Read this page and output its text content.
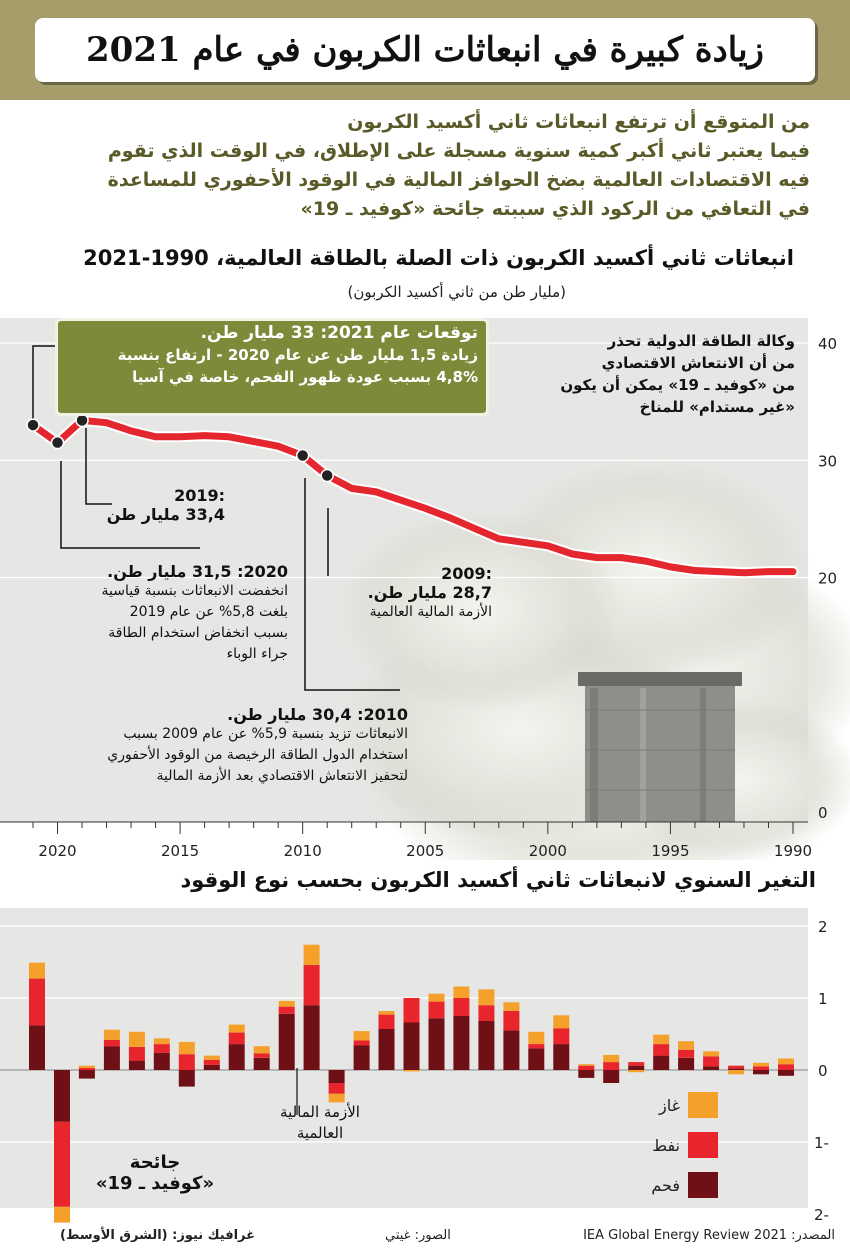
زيادة كبيرة في انبعاثات الكربون في عام 2021
من المتوقع أن ترتفع انبعاثات ثاني أكسيد الكربون
فيما يعتبر ثاني أكبر كمية سنوية مسجلة على الإطلاق، في الوقت الذي تقوم
فيه الاقتصادات العالمية بضخ الحوافز المالية في الوقود الأحفوري للمساعدة
في التعافي من الركود الذي سببته جائحة «كوفيد ـ 19»
انبعاثات ثاني أكسيد الكربون ذات الصلة بالطاقة العالمية، 1990-2021
(مليار طن من ثاني أكسيد الكربون)
0
20
30
40
1990
1995
2000
2005
2010
2015
2020
توقعات عام 2021: 33 مليار طن.
زيادة 1,5 مليار طن عن عام 2020 - ارتفاع بنسبة
4,8% بسبب عودة ظهور الفحم، خاصة في آسيا
وكالة الطاقة الدولية تحذر
من أن الانتعاش الاقتصادي
من «كوفيد ـ 19» يمكن أن يكون
«غير مستدام» للمناخ
:2019
33,4 مليار طن
2020: 31,5 مليار طن.
انخفضت الانبعاثات بنسبة قياسية
بلغت 5,8% عن عام 2019
بسبب انخفاض استخدام الطاقة
جراء الوباء
:2009
28,7 مليار طن.
الأزمة المالية العالمية
2010: 30,4 مليار طن.
الانبعاثات تزيد بنسبة 5,9% عن عام 2009 بسبب
استخدام الدول الطاقة الرخيصة من الوقود الأحفوري
لتحفيز الانتعاش الاقتصادي بعد الأزمة المالية
التغير السنوي لانبعاثات ثاني أكسيد الكربون بحسب نوع الوقود
2-
1-
0
1
2
غاز
نفط
فحم
الأزمة المالية
العالمية
جائحة
«كوفيد ـ 19»
المصدر: IEA Global Energy Review 2021
الصور: غيتي
غرافيك نيوز: (الشرق الأوسط)
